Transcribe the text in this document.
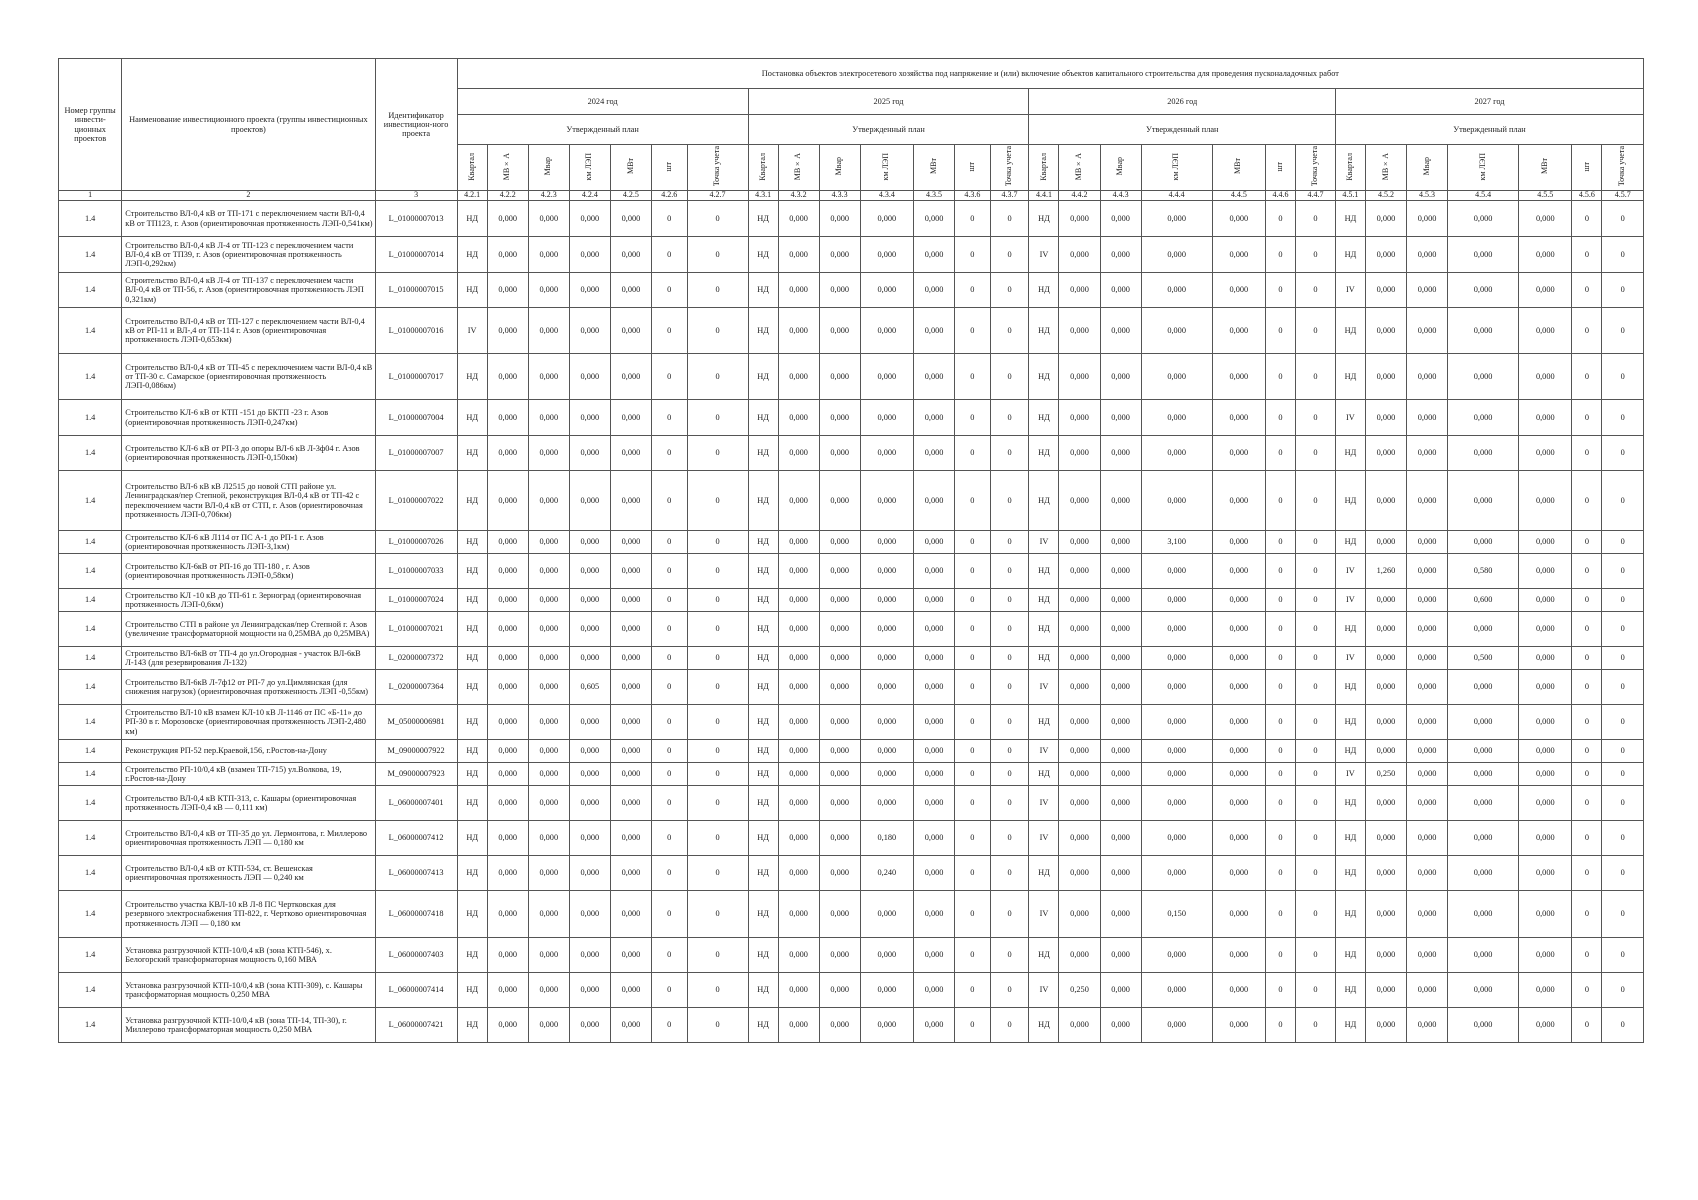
Номер группы инвести-ционных проектов	Наименование инвестиционного проекта (группы инвестиционных проектов)	Идентификатор инвестицион-ного проекта	Постановка объектов электросетевого хозяйства под напряжение и (или) включение объектов капитального строительства для проведения пусконаладочных работ																											
			2024 год							2025 год							2026 год							2027 год						
			Утвержденный план							Утвержденный план							Утвержденный план							Утвержденный план						
			Квартал	МВ×А	Мвар	км ЛЭП	МВт	шт	Точка учета	Квартал	МВ×А	Мвар	км ЛЭП	МВт	шт	Точка учета	Квартал	МВ×А	Мвар	км ЛЭП	МВт	шт	Точка учета	Квартал	МВ×А	Мвар	км ЛЭП	МВт	шт	Точка учета
1	2	3	4.2.1	4.2.2	4.2.3	4.2.4	4.2.5	4.2.6	4.2.7	4.3.1	4.3.2	4.3.3	4.3.4	4.3.5	4.3.6	4.3.7	4.4.1	4.4.2	4.4.3	4.4.4	4.4.5	4.4.6	4.4.7	4.5.1	4.5.2	4.5.3	4.5.4	4.5.5	4.5.6	4.5.7
1.4	Строительство ВЛ-0,4 кВ от ТП-171 с переключением части ВЛ-0,4 кВ от ТП123, г. Азов (ориентировочная протяженность ЛЭП-0,541км)	L_01000007013	НД	0,000	0,000	0,000	0,000	0	0	НД	0,000	0,000	0,000	0,000	0	0	НД	0,000	0,000	0,000	0,000	0	0	НД	0,000	0,000	0,000	0,000	0	0
1.4	Строительство ВЛ-0,4 кВ Л-4 от ТП-123 с переключением части ВЛ-0,4 кВ от ТП39, г. Азов (ориентировочная протяженность ЛЭП-0,292км)	L_01000007014	НД	0,000	0,000	0,000	0,000	0	0	НД	0,000	0,000	0,000	0,000	0	0	IV	0,000	0,000	0,000	0,000	0	0	НД	0,000	0,000	0,000	0,000	0	0
1.4	Строительство ВЛ-0,4 кВ Л-4 от ТП-137 с переключением части ВЛ-0,4 кВ от ТП-56, г. Азов (ориентировочная протяженность ЛЭП 0,321км)	L_01000007015	НД	0,000	0,000	0,000	0,000	0	0	НД	0,000	0,000	0,000	0,000	0	0	НД	0,000	0,000	0,000	0,000	0	0	IV	0,000	0,000	0,000	0,000	0	0
1.4	Строительство ВЛ-0,4 кВ от ТП-127 с переключением части ВЛ-0,4 кВ от РП-11 и ВЛ-,4 от ТП-114 г. Азов (ориентировочная протяженность ЛЭП-0,653км)	L_01000007016	IV	0,000	0,000	0,000	0,000	0	0	НД	0,000	0,000	0,000	0,000	0	0	НД	0,000	0,000	0,000	0,000	0	0	НД	0,000	0,000	0,000	0,000	0	0
1.4	Строительство ВЛ-0,4 кВ от ТП-45 с переключением части ВЛ-0,4 кВ от ТП-30 с. Самарское (ориентировочная протяженность ЛЭП-0,086км)	L_01000007017	НД	0,000	0,000	0,000	0,000	0	0	НД	0,000	0,000	0,000	0,000	0	0	НД	0,000	0,000	0,000	0,000	0	0	НД	0,000	0,000	0,000	0,000	0	0
1.4	Строительство КЛ-6 кВ от КТП -151 до БКТП -23 г. Азов (ориентировочная протяженность ЛЭП-0,247км)	L_01000007004	НД	0,000	0,000	0,000	0,000	0	0	НД	0,000	0,000	0,000	0,000	0	0	НД	0,000	0,000	0,000	0,000	0	0	IV	0,000	0,000	0,000	0,000	0	0
1.4	Строительство КЛ-6 кВ от РП-3 до опоры ВЛ-6 кВ Л-3ф04 г. Азов (ориентировочная протяженность ЛЭП-0,150км)	L_01000007007	НД	0,000	0,000	0,000	0,000	0	0	НД	0,000	0,000	0,000	0,000	0	0	НД	0,000	0,000	0,000	0,000	0	0	НД	0,000	0,000	0,000	0,000	0	0
1.4	Строительство ВЛ-6 кВ кВ Л2515 до новой СТП районе ул. Ленинградская/пер Степной, реконструкция ВЛ-0,4 кВ от ТП-42 с переключением части ВЛ-0,4 кВ от СТП, г. Азов (ориентировочная протяженность ЛЭП-0,706км)	L_01000007022	НД	0,000	0,000	0,000	0,000	0	0	НД	0,000	0,000	0,000	0,000	0	0	НД	0,000	0,000	0,000	0,000	0	0	НД	0,000	0,000	0,000	0,000	0	0
1.4	Строительство КЛ-6 кВ Л114 от ПС А-1 до РП-1 г. Азов (ориентировочная протяженность ЛЭП-3,1км)	L_01000007026	НД	0,000	0,000	0,000	0,000	0	0	НД	0,000	0,000	0,000	0,000	0	0	IV	0,000	0,000	3,100	0,000	0	0	НД	0,000	0,000	0,000	0,000	0	0
1.4	Строительство КЛ-6кВ от РП-16 до ТП-180 , г. Азов (ориентировочная протяженность ЛЭП-0,58км)	L_01000007033	НД	0,000	0,000	0,000	0,000	0	0	НД	0,000	0,000	0,000	0,000	0	0	НД	0,000	0,000	0,000	0,000	0	0	IV	1,260	0,000	0,580	0,000	0	0
1.4	Строительство КЛ -10 кВ до ТП-61 г. Зерноград (ориентировочная протяженность ЛЭП-0,6км)	L_01000007024	НД	0,000	0,000	0,000	0,000	0	0	НД	0,000	0,000	0,000	0,000	0	0	НД	0,000	0,000	0,000	0,000	0	0	IV	0,000	0,000	0,600	0,000	0	0
1.4	Строительство СТП в районе ул Ленинградская/пер Степной г. Азов (увеличение трансформаторной мощности на 0,25МВА до 0,25МВА)	L_01000007021	НД	0,000	0,000	0,000	0,000	0	0	НД	0,000	0,000	0,000	0,000	0	0	НД	0,000	0,000	0,000	0,000	0	0	НД	0,000	0,000	0,000	0,000	0	0
1.4	Строительство ВЛ-6кВ от ТП-4 до ул.Огородная - участок ВЛ-6кВ Л-143 (для резервирования Л-132)	L_02000007372	НД	0,000	0,000	0,000	0,000	0	0	НД	0,000	0,000	0,000	0,000	0	0	НД	0,000	0,000	0,000	0,000	0	0	IV	0,000	0,000	0,500	0,000	0	0
1.4	Строительство ВЛ-6кВ Л-7ф12 от РП-7 до ул.Цимлянская (для снижения нагрузок) (ориентировочная протяженность ЛЭП -0,55км)	L_02000007364	НД	0,000	0,000	0,605	0,000	0	0	НД	0,000	0,000	0,000	0,000	0	0	IV	0,000	0,000	0,000	0,000	0	0	НД	0,000	0,000	0,000	0,000	0	0
1.4	Строительство ВЛ-10 кВ взамен КЛ-10 кВ Л-1146 от ПС «Б-11» до РП-30 в г. Морозовске (ориентировочная протяженность ЛЭП-2,480 км)	M_05000006981	НД	0,000	0,000	0,000	0,000	0	0	НД	0,000	0,000	0,000	0,000	0	0	НД	0,000	0,000	0,000	0,000	0	0	НД	0,000	0,000	0,000	0,000	0	0
1.4	Реконструкция РП-52 пер.Краевой,156, г.Ростов-на-Дону	M_09000007922	НД	0,000	0,000	0,000	0,000	0	0	НД	0,000	0,000	0,000	0,000	0	0	IV	0,000	0,000	0,000	0,000	0	0	НД	0,000	0,000	0,000	0,000	0	0
1.4	Строительство РП-10/0,4 кВ (взамен ТП-715) ул.Волкова, 19, г.Ростов-на-Дону	M_09000007923	НД	0,000	0,000	0,000	0,000	0	0	НД	0,000	0,000	0,000	0,000	0	0	НД	0,000	0,000	0,000	0,000	0	0	IV	0,250	0,000	0,000	0,000	0	0
1.4	Строительство ВЛ-0,4 кВ КТП-313, с. Кашары (ориентировочная протяженность ЛЭП-0,4 кВ — 0,111 км)	L_06000007401	НД	0,000	0,000	0,000	0,000	0	0	НД	0,000	0,000	0,000	0,000	0	0	IV	0,000	0,000	0,000	0,000	0	0	НД	0,000	0,000	0,000	0,000	0	0
1.4	Строительство ВЛ-0,4 кВ от ТП-35 до ул. Лермонтова, г. Миллерово ориентировочная протяженность ЛЭП — 0,180 км	L_06000007412	НД	0,000	0,000	0,000	0,000	0	0	НД	0,000	0,000	0,180	0,000	0	0	IV	0,000	0,000	0,000	0,000	0	0	НД	0,000	0,000	0,000	0,000	0	0
1.4	Строительство ВЛ-0,4 кВ от КТП-534, ст. Вешенская ориентировочная протяженность ЛЭП — 0,240 км	L_06000007413	НД	0,000	0,000	0,000	0,000	0	0	НД	0,000	0,000	0,240	0,000	0	0	НД	0,000	0,000	0,000	0,000	0	0	НД	0,000	0,000	0,000	0,000	0	0
1.4	Строительство участка КВЛ-10 кВ Л-8 ПС Чертковская для резервного электроснабжения ТП-822, г. Чертково ориентировочная протяженность ЛЭП — 0,180 км	L_06000007418	НД	0,000	0,000	0,000	0,000	0	0	НД	0,000	0,000	0,000	0,000	0	0	IV	0,000	0,000	0,150	0,000	0	0	НД	0,000	0,000	0,000	0,000	0	0
1.4	Установка разгрузочной КТП-10/0,4 кВ (зона КТП-546), х. Белогорский трансформаторная мощность 0,160 МВА	L_06000007403	НД	0,000	0,000	0,000	0,000	0	0	НД	0,000	0,000	0,000	0,000	0	0	НД	0,000	0,000	0,000	0,000	0	0	НД	0,000	0,000	0,000	0,000	0	0
1.4	Установка разгрузочной КТП-10/0,4 кВ (зона КТП-309), с. Кашары трансформаторная мощность 0,250 МВА	L_06000007414	НД	0,000	0,000	0,000	0,000	0	0	НД	0,000	0,000	0,000	0,000	0	0	IV	0,250	0,000	0,000	0,000	0	0	НД	0,000	0,000	0,000	0,000	0	0
1.4	Установка разгрузочной КТП-10/0,4 кВ (зона ТП-14, ТП-30), г. Миллерово трансформаторная мощность 0,250 МВА	L_06000007421	НД	0,000	0,000	0,000	0,000	0	0	НД	0,000	0,000	0,000	0,000	0	0	НД	0,000	0,000	0,000	0,000	0	0	НД	0,000	0,000	0,000	0,000	0	0
